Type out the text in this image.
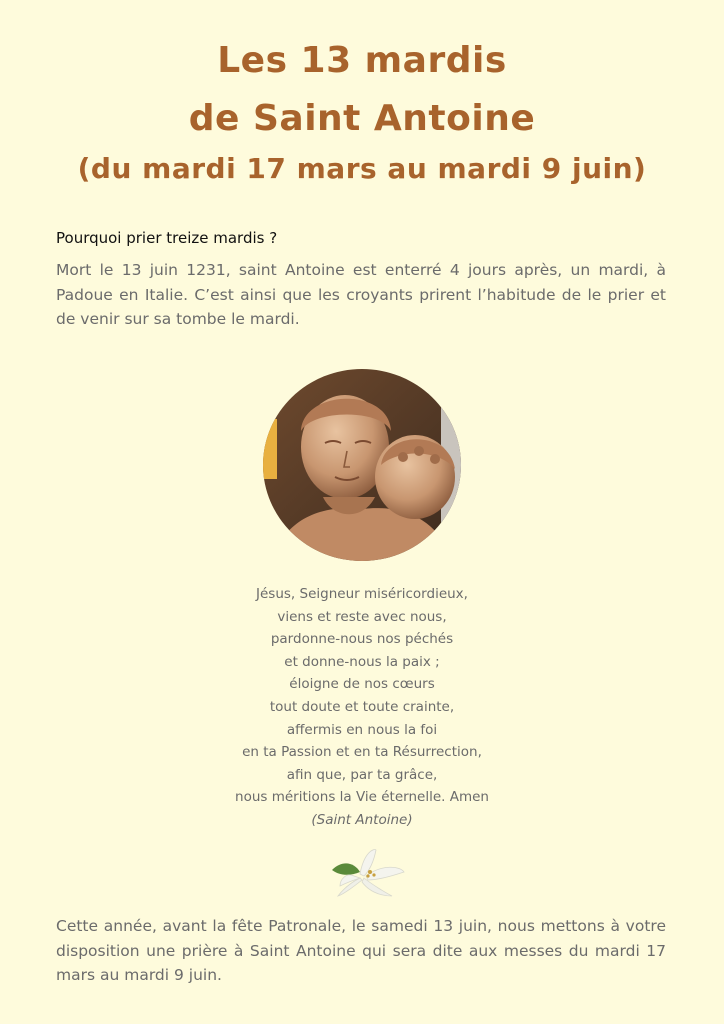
Les 13 mardis
de Saint Antoine
(du mardi 17 mars au mardi 9 juin)
Pourquoi prier treize mardis ?
Mort le 13 juin 1231, saint Antoine est enterré 4 jours après, un mardi, à Padoue en Italie. C’est ainsi que les croyants prirent l’habitude de le prier et de venir sur sa tombe le mardi.
Jésus, Seigneur miséricordieux,
viens et reste avec nous,
pardonne-nous nos péchés
et donne-nous la paix ;
éloigne de nos cœurs
tout doute et toute crainte,
affermis en nous la foi
en ta Passion et en ta Résurrection,
afin que, par ta grâce,
nous méritions la Vie éternelle. Amen
(Saint Antoine)
Cette année, avant la fête Patronale, le samedi 13 juin, nous mettons à votre disposition une prière à Saint Antoine qui sera dite aux messes du mardi 17 mars au mardi 9 juin.
